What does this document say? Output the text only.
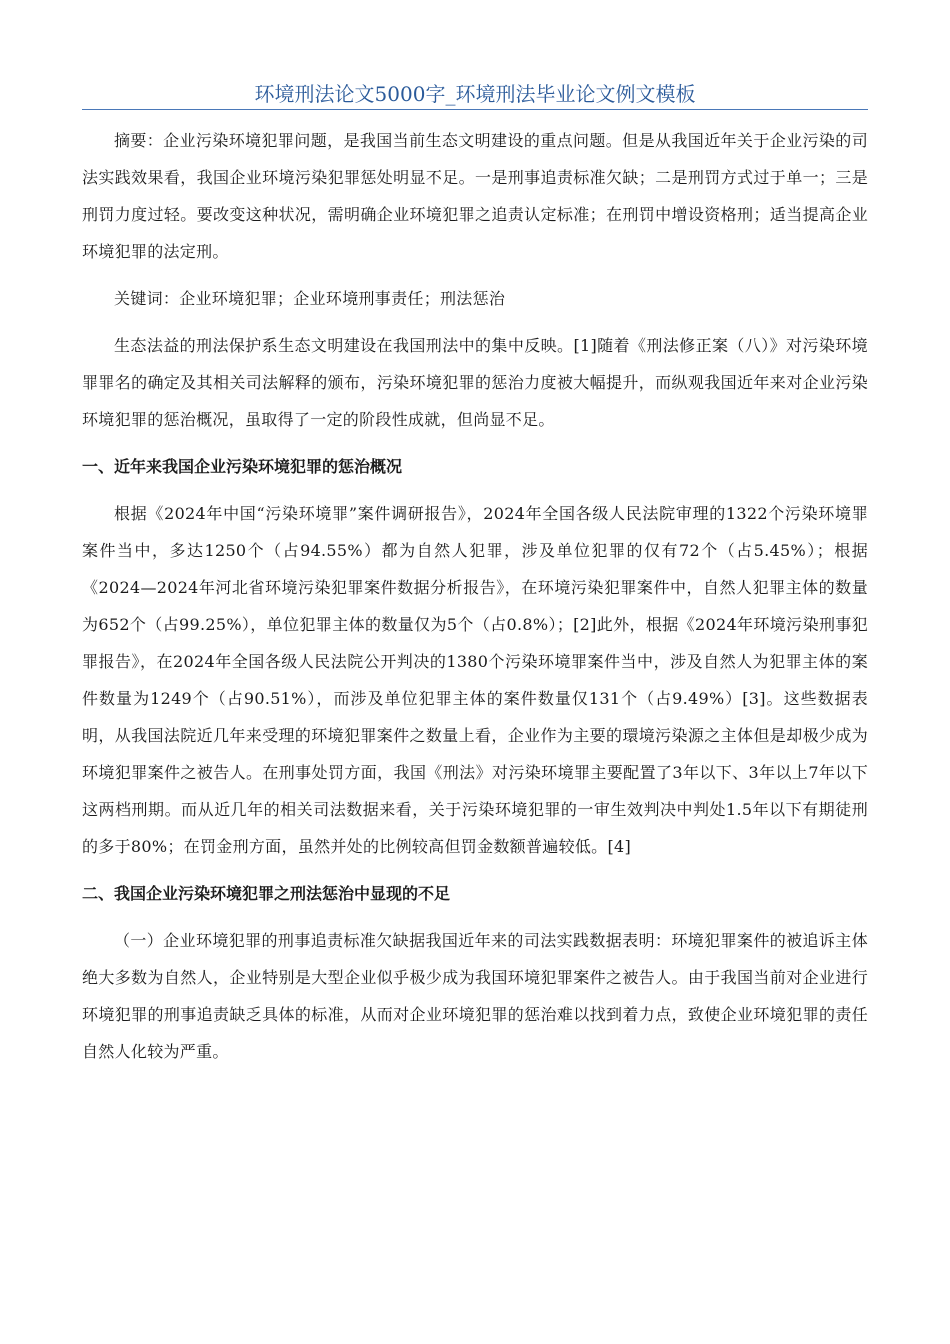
环境刑法论文5000字_环境刑法毕业论文例文模板

摘要：企业污染环境犯罪问题，是我国当前生态文明建设的重点问题。但是从我国近年关于企业污染的司法实践效果看，我国企业环境污染犯罪惩处明显不足。一是刑事追责标准欠缺；二是刑罚方式过于单一；三是刑罚力度过轻。要改变这种状况，需明确企业环境犯罪之追责认定标准；在刑罚中增设资格刑；适当提高企业环境犯罪的法定刑。

关键词：企业环境犯罪；企业环境刑事责任；刑法惩治

生态法益的刑法保护系生态文明建设在我国刑法中的集中反映。[1]随着《刑法修正案（八）》对污染环境罪罪名的确定及其相关司法解释的颁布，污染环境犯罪的惩治力度被大幅提升，而纵观我国近年来对企业污染环境犯罪的惩治概况，虽取得了一定的阶段性成就，但尚显不足。

一、近年来我国企业污染环境犯罪的惩治概况

根据《2024年中国“污染环境罪”案件调研报告》，2024年全国各级人民法院审理的1322个污染环境罪案件当中，多达1250个（占94.55%）都为自然人犯罪，涉及单位犯罪的仅有72个（占5.45%）；根据《2024—2024年河北省环境污染犯罪案件数据分析报告》，在环境污染犯罪案件中，自然人犯罪主体的数量为652个（占99.25%），单位犯罪主体的数量仅为5个（占0.8%）；[2]此外，根据《2024年环境污染刑事犯罪报告》，在2024年全国各级人民法院公开判决的1380个污染环境罪案件当中，涉及自然人为犯罪主体的案件数量为1249个（占90.51%），而涉及单位犯罪主体的案件数量仅131个（占9.49%）[3]。这些数据表明，从我国法院近几年来受理的环境犯罪案件之数量上看，企业作为主要的環境污染源之主体但是却极少成为环境犯罪案件之被告人。在刑事处罚方面，我国《刑法》对污染环境罪主要配置了3年以下、3年以上7年以下这两档刑期。而从近几年的相关司法数据来看，关于污染环境犯罪的一审生效判决中判处1.5年以下有期徒刑的多于80%；在罚金刑方面，虽然并处的比例较高但罚金数额普遍较低。[4]

二、我国企业污染环境犯罪之刑法惩治中显现的不足

（一）企业环境犯罪的刑事追责标准欠缺据我国近年来的司法实践数据表明：环境犯罪案件的被追诉主体绝大多数为自然人，企业特别是大型企业似乎极少成为我国环境犯罪案件之被告人。由于我国当前对企业进行环境犯罪的刑事追责缺乏具体的标准，从而对企业环境犯罪的惩治难以找到着力点，致使企业环境犯罪的责任自然人化较为严重。
